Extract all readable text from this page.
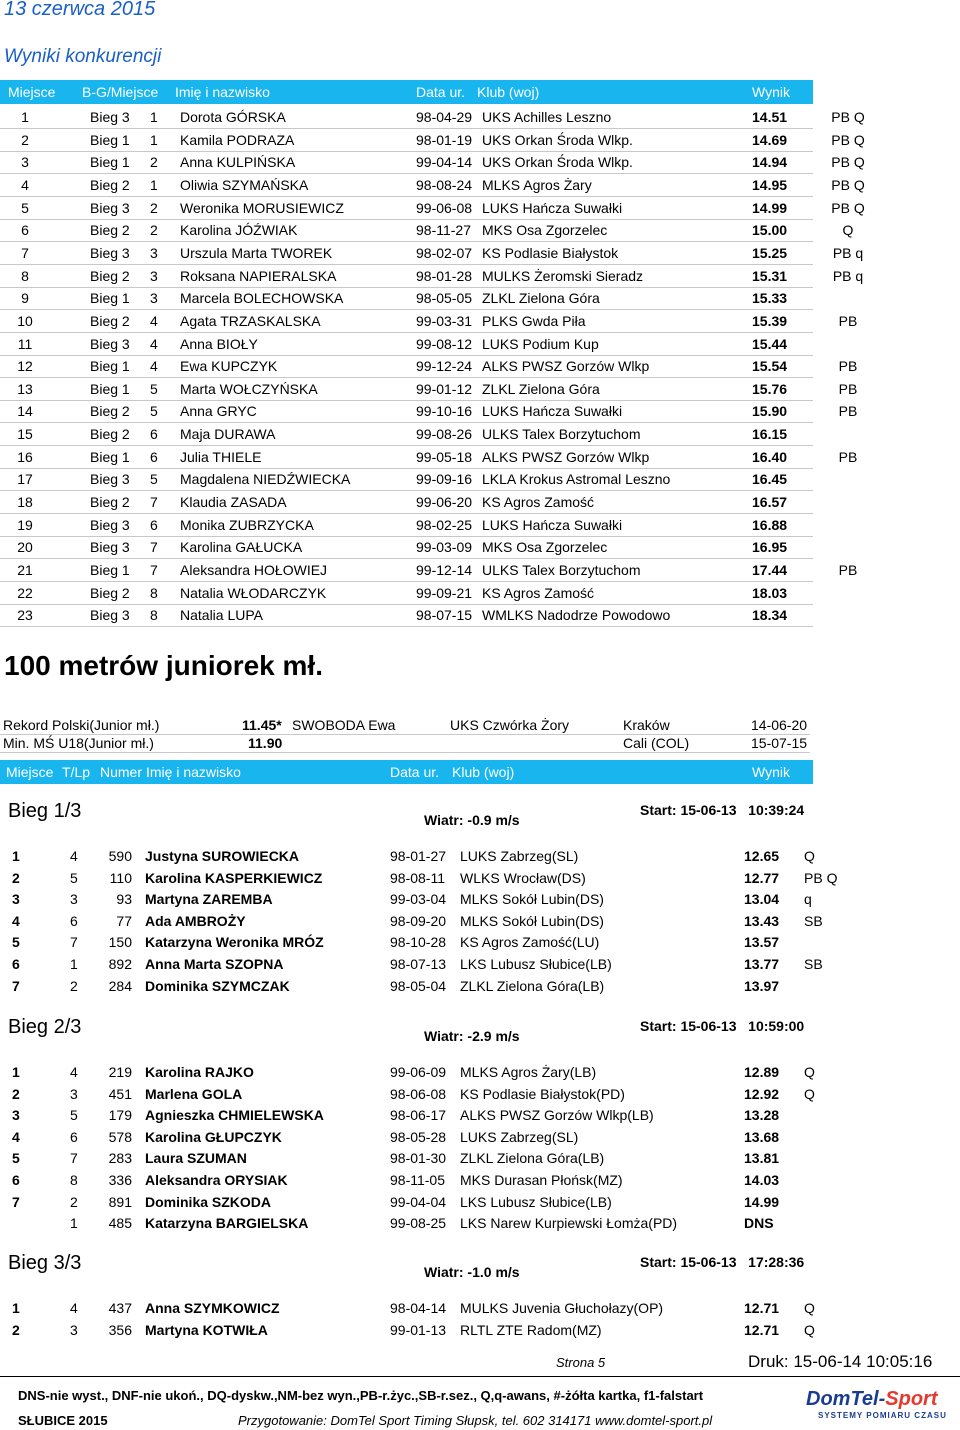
13 czerwca 2015
Wyniki konkurencji
Miejsce B-G/Miejsce Imię i nazwisko	Data ur. Klub (woj)	Wynik
1	Bieg 3 1 Dorota GÓRSKA	98-04-29 UKS Achilles Leszno	14.51	PB Q
2	Bieg 1 1 Kamila PODRAZA	98-01-19 UKS Orkan Środa Wlkp.	14.69	PB Q
3	Bieg 1 2 Anna KULPIŃSKA	99-04-14 UKS Orkan Środa Wlkp.	14.94	PB Q
4	Bieg 2 1 Oliwia SZYMAŃSKA	98-08-24 MLKS Agros Żary	14.95	PB Q
5	Bieg 3 2 Weronika MORUSIEWICZ	99-06-08 LUKS Hańcza Suwałki	14.99	PB Q
6	Bieg 2 2 Karolina JÓŹWIAK	98-11-27 MKS Osa Zgorzelec	15.00	Q
7	Bieg 3 3 Urszula Marta TWOREK	98-02-07 KS Podlasie Białystok	15.25	PB q
8	Bieg 2 3 Roksana NAPIERALSKA	98-01-28 MULKS Żeromski Sieradz	15.31	PB q
9	Bieg 1 3 Marcela BOLECHOWSKA	98-05-05 ZLKL Zielona Góra	15.33
10	Bieg 2 4 Agata TRZASKALSKA	99-03-31 PLKS Gwda Piła	15.39	PB
11	Bieg 3 4 Anna BIOŁY	99-08-12 LUKS Podium Kup	15.44
12	Bieg 1 4 Ewa KUPCZYK	99-12-24 ALKS PWSZ Gorzów Wlkp	15.54	PB
13	Bieg 1 5 Marta WOŁCZYŃSKA	99-01-12 ZLKL Zielona Góra	15.76	PB
14	Bieg 2 5 Anna GRYC	99-10-16 LUKS Hańcza Suwałki	15.90	PB
15	Bieg 2 6 Maja DURAWA	99-08-26 ULKS Talex Borzytuchom	16.15
16	Bieg 1 6 Julia THIELE	99-05-18 ALKS PWSZ Gorzów Wlkp	16.40	PB
17	Bieg 3 5 Magdalena NIEDŹWIECKA	99-09-16 LKLA Krokus Astromal Leszno	16.45
18	Bieg 2 7 Klaudia ZASADA	99-06-20 KS Agros Zamość	16.57
19	Bieg 3 6 Monika ZUBRZYCKA	98-02-25 LUKS Hańcza Suwałki	16.88
20	Bieg 3 7 Karolina GAŁUCKA	99-03-09 MKS Osa Zgorzelec	16.95
21	Bieg 1 7 Aleksandra HOŁOWIEJ	99-12-14 ULKS Talex Borzytuchom	17.44	PB
22	Bieg 2 8 Natalia WŁODARCZYK	99-09-21 KS Agros Zamość	18.03
23	Bieg 3 8 Natalia LUPA	98-07-15 WMLKS Nadodrze Powodowo	18.34
100 metrów juniorek mł.
Rekord Polski(Junior mł.)	11.45* SWOBODA Ewa	UKS Czwórka Żory	Kraków	14-06-20
Min. MŚ U18(Junior mł.)	11.90	Cali (COL)	15-07-15
Miejsce T/Lp Numer Imię i nazwisko	Data ur. Klub (woj)	Wynik
Bieg 1/3	Wiatr: -0.9 m/s
Start: 15-06-13   10:39:24
1	4	590 Justyna SUROWIECKA	98-01-27 LUKS Zabrzeg(SL)	12.65 Q
2	5	110 Karolina KASPERKIEWICZ	98-08-11 WLKS Wrocław(DS)	12.77 PB Q
3	3	93 Martyna ZAREMBA	99-03-04 MLKS Sokół Lubin(DS)	13.04 q
4	6	77 Ada AMBROŻY	98-09-20 MLKS Sokół Lubin(DS)	13.43 SB
5	7	150 Katarzyna Weronika MRÓZ	98-10-28 KS Agros Zamość(LU)	13.57
6	1	892 Anna Marta SZOPNA	98-07-13 LKS Lubusz Słubice(LB)	13.77 SB
7	2	284 Dominika SZYMCZAK	98-05-04 ZLKL Zielona Góra(LB)	13.97
Bieg 2/3	Wiatr: -2.9 m/s
Start: 15-06-13   10:59:00
1	4	219 Karolina RAJKO	99-06-09 MLKS Agros Żary(LB)	12.89 Q
2	3	451 Marlena GOLA	98-06-08 KS Podlasie Białystok(PD)	12.92 Q
3	5	179 Agnieszka CHMIELEWSKA	98-06-17 ALKS PWSZ Gorzów Wlkp(LB)	13.28
4	6	578 Karolina GŁUPCZYK	98-05-28 LUKS Zabrzeg(SL)	13.68
5	7	283 Laura SZUMAN	98-01-30 ZLKL Zielona Góra(LB)	13.81
6	8	336 Aleksandra ORYSIAK	98-11-05 MKS Durasan Płońsk(MZ)	14.03
7	2	891 Dominika SZKODA	99-04-04 LKS Lubusz Słubice(LB)	14.99
1	485 Katarzyna BARGIELSKA	99-08-25 LKS Narew Kurpiewski Łomża(PD)	DNS
Bieg 3/3	Wiatr: -1.0 m/s
Start: 15-06-13   17:28:36
1	4	437 Anna SZYMKOWICZ	98-04-14 MULKS Juvenia Głuchołazy(OP)	12.71 Q
2	3	356 Martyna KOTWIŁA	99-01-13 RLTL ZTE Radom(MZ)	12.71 Q
Strona 5	Druk: 15-06-14 10:05:16
DNS-nie wyst., DNF-nie ukoń., DQ-dyskw.,NM-bez wyn.,PB-r.życ.,SB-r.sez., Q,q-awans, #-żółta kartka, f1-falstart
SŁUBICE 2015	Przygotowanie: DomTel Sport Timing Słupsk, tel. 602 314171 www.domtel-sport.pl
DomTel-Sport
SYSTEMY POMIARU CZASU
